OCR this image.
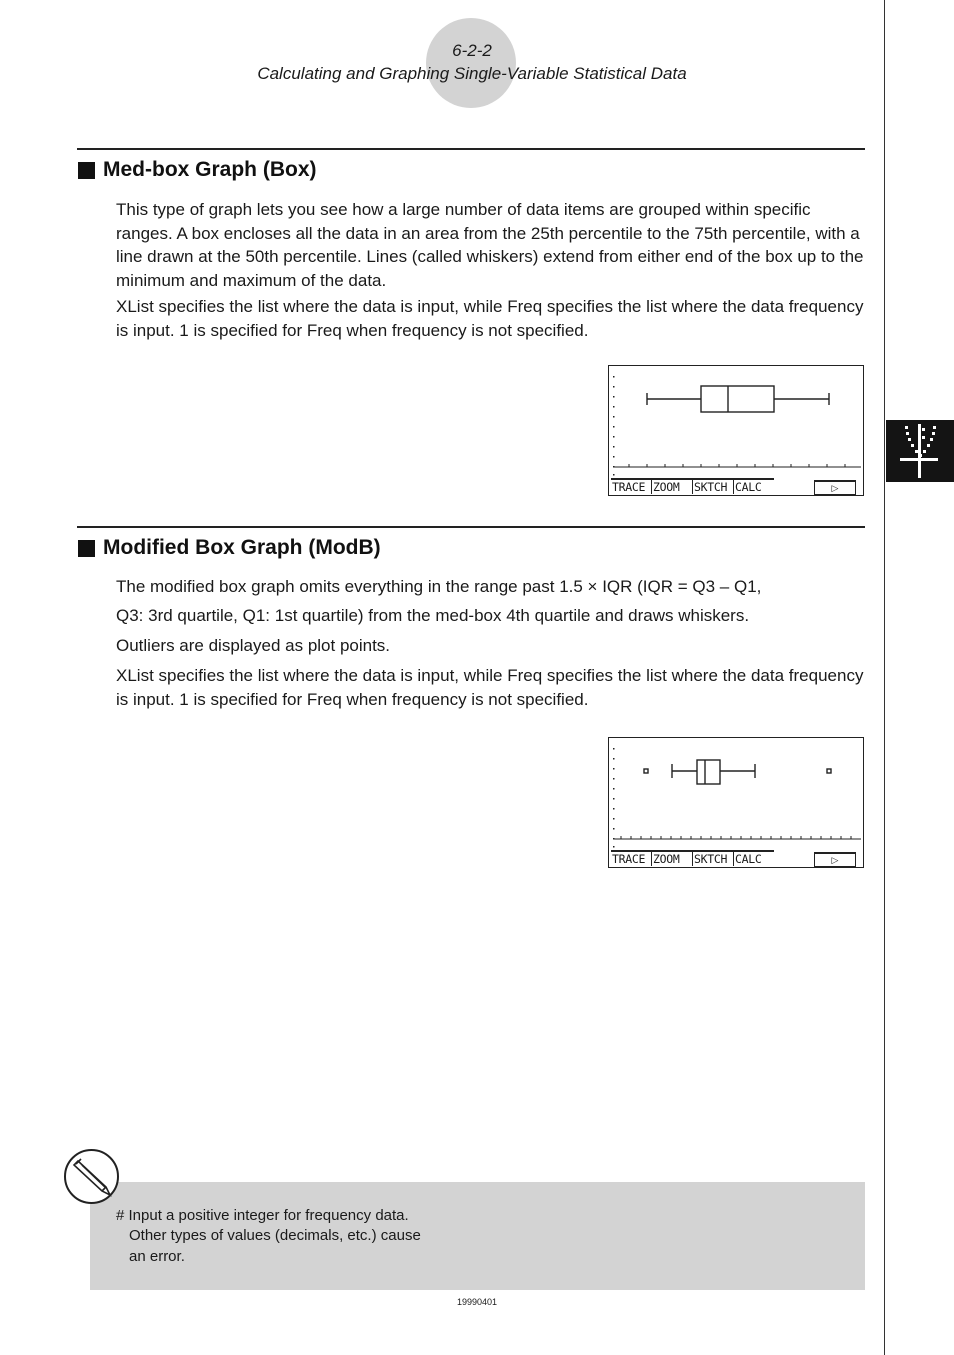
6-2-2
Calculating and Graphing Single-Variable Statistical Data
Med-box Graph (Box)

This type of graph lets you see how a large number of data items are grouped within specific ranges. A box encloses all the data in an area from the 25th percentile to the 75th percentile, with a line drawn at the 50th percentile. Lines (called whiskers) extend from either end of the box up to the minimum and maximum of the data.

XList specifies the list where the data is input, while Freq specifies the list where the data frequency is input. 1 is specified for Freq when frequency is not specified.

TRACE ZOOM	SKTCH CALC	▷
Modified Box Graph (ModB)

The modified box graph omits everything in the range past 1.5 × IQR (IQR = Q3 – Q1,

Q3: 3rd quartile, Q1: 1st quartile) from the med-box 4th quartile and draws whiskers.

Outliers are displayed as plot points.

XList specifies the list where the data is input, while Freq specifies the list where the data frequency is input. 1 is specified for Freq when frequency is not specified.

TRACE ZOOM	SKTCH CALC	▷
# Input a positive integer for frequency data.
Other types of values (decimals, etc.) cause
an error.
19990401
